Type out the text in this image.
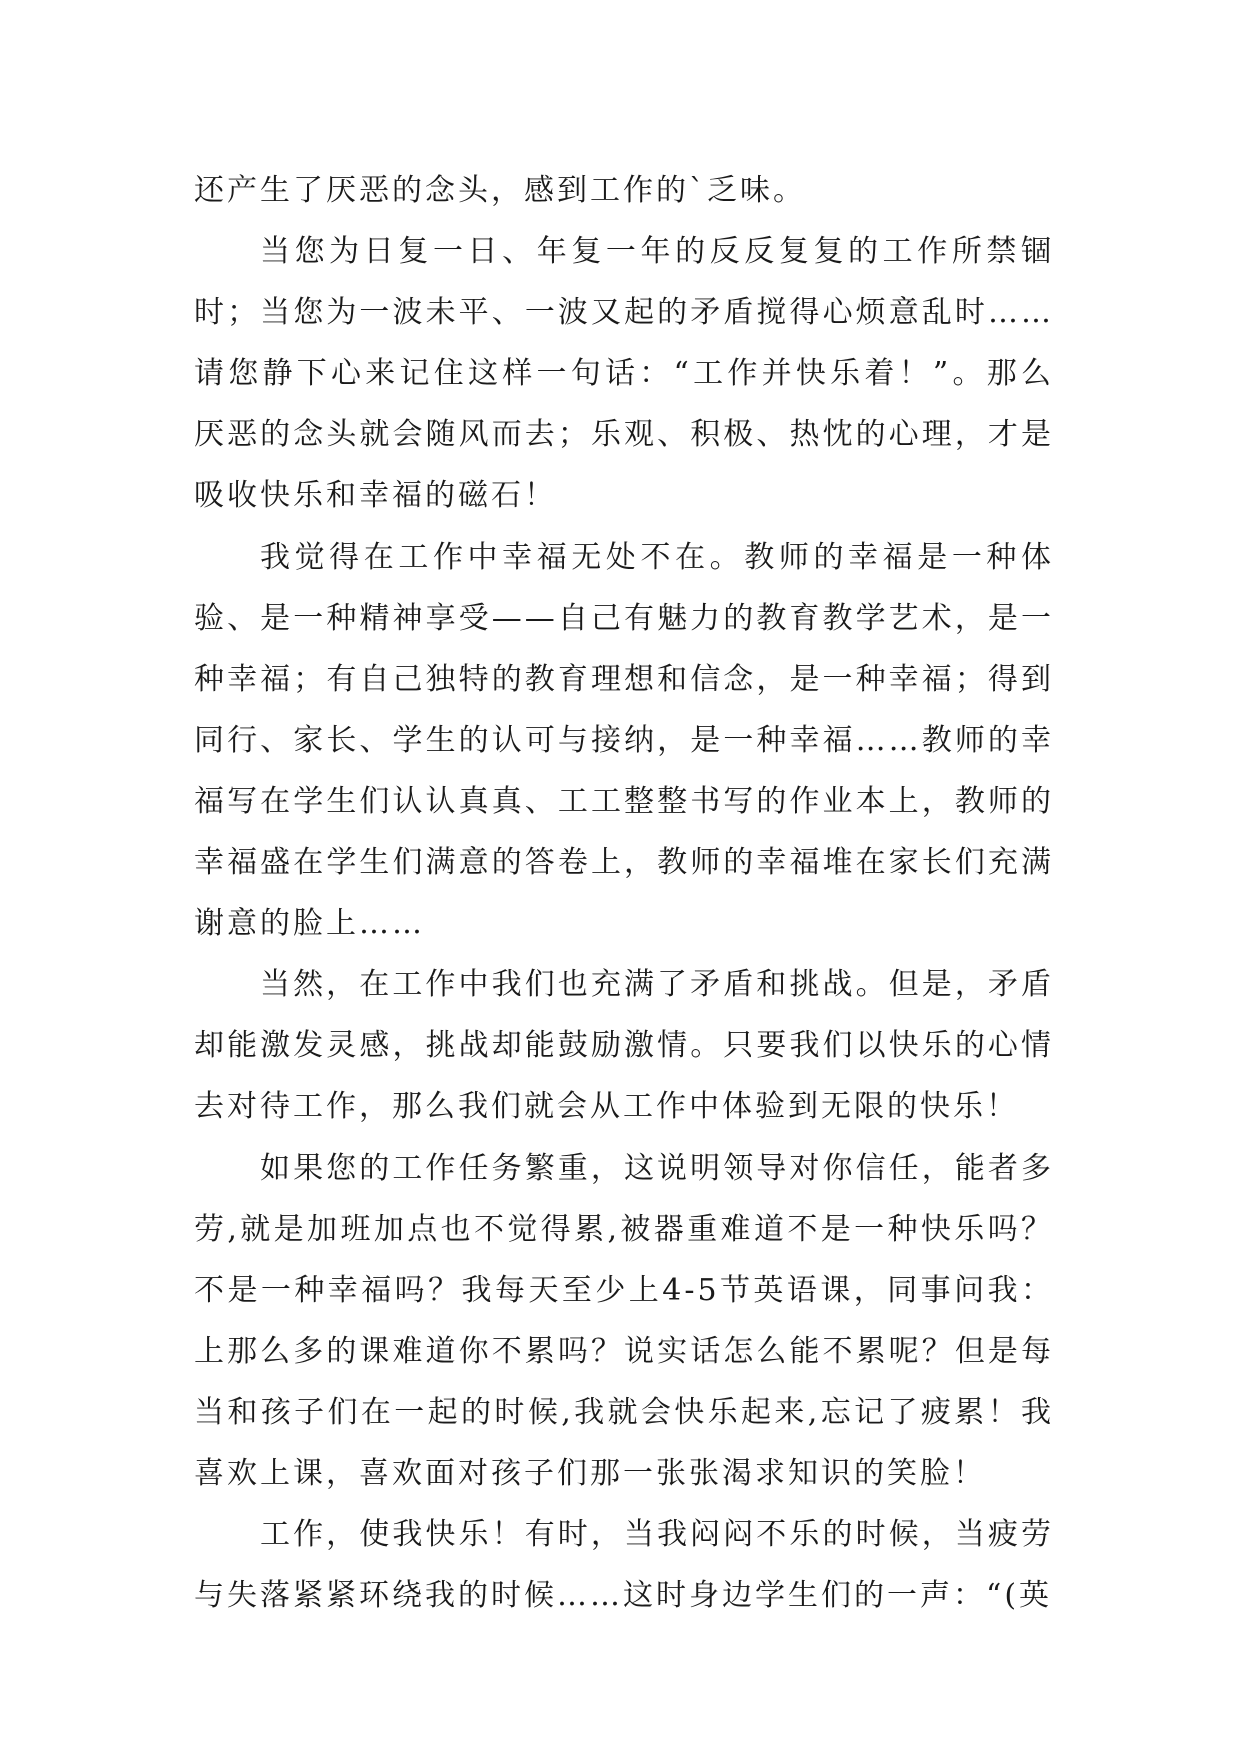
还产生了厌恶的念头，感到工作的`乏味。

当您为日复一日、年复一年的反反复复的工作所禁锢时；当您为一波未平、一波又起的矛盾搅得心烦意乱时……请您静下心来记住这样一句话：“工作并快乐着！”。那么厌恶的念头就会随风而去；乐观、积极、热忱的心理，才是吸收快乐和幸福的磁石！

我觉得在工作中幸福无处不在。教师的幸福是一种体验、是一种精神享受——自己有魅力的教育教学艺术，是一种幸福；有自己独特的教育理想和信念，是一种幸福；得到同行、家长、学生的认可与接纳，是一种幸福……教师的幸福写在学生们认认真真、工工整整书写的作业本上，教师的幸福盛在学生们满意的答卷上，教师的幸福堆在家长们充满谢意的脸上……

当然，在工作中我们也充满了矛盾和挑战。但是，矛盾却能激发灵感，挑战却能鼓励激情。只要我们以快乐的心情去对待工作，那么我们就会从工作中体验到无限的快乐！

如果您的工作任务繁重，这说明领导对你信任，能者多劳,就是加班加点也不觉得累,被器重难道不是一种快乐吗？不是一种幸福吗？我每天至少上4-5节英语课，同事问我：上那么多的课难道你不累吗？说实话怎么能不累呢？但是每当和孩子们在一起的时候,我就会快乐起来,忘记了疲累！我喜欢上课，喜欢面对孩子们那一张张渴求知识的笑脸！

工作，使我快乐！有时，当我闷闷不乐的时候，当疲劳与失落紧紧环绕我的时候……这时身边学生们的一声：“(英
